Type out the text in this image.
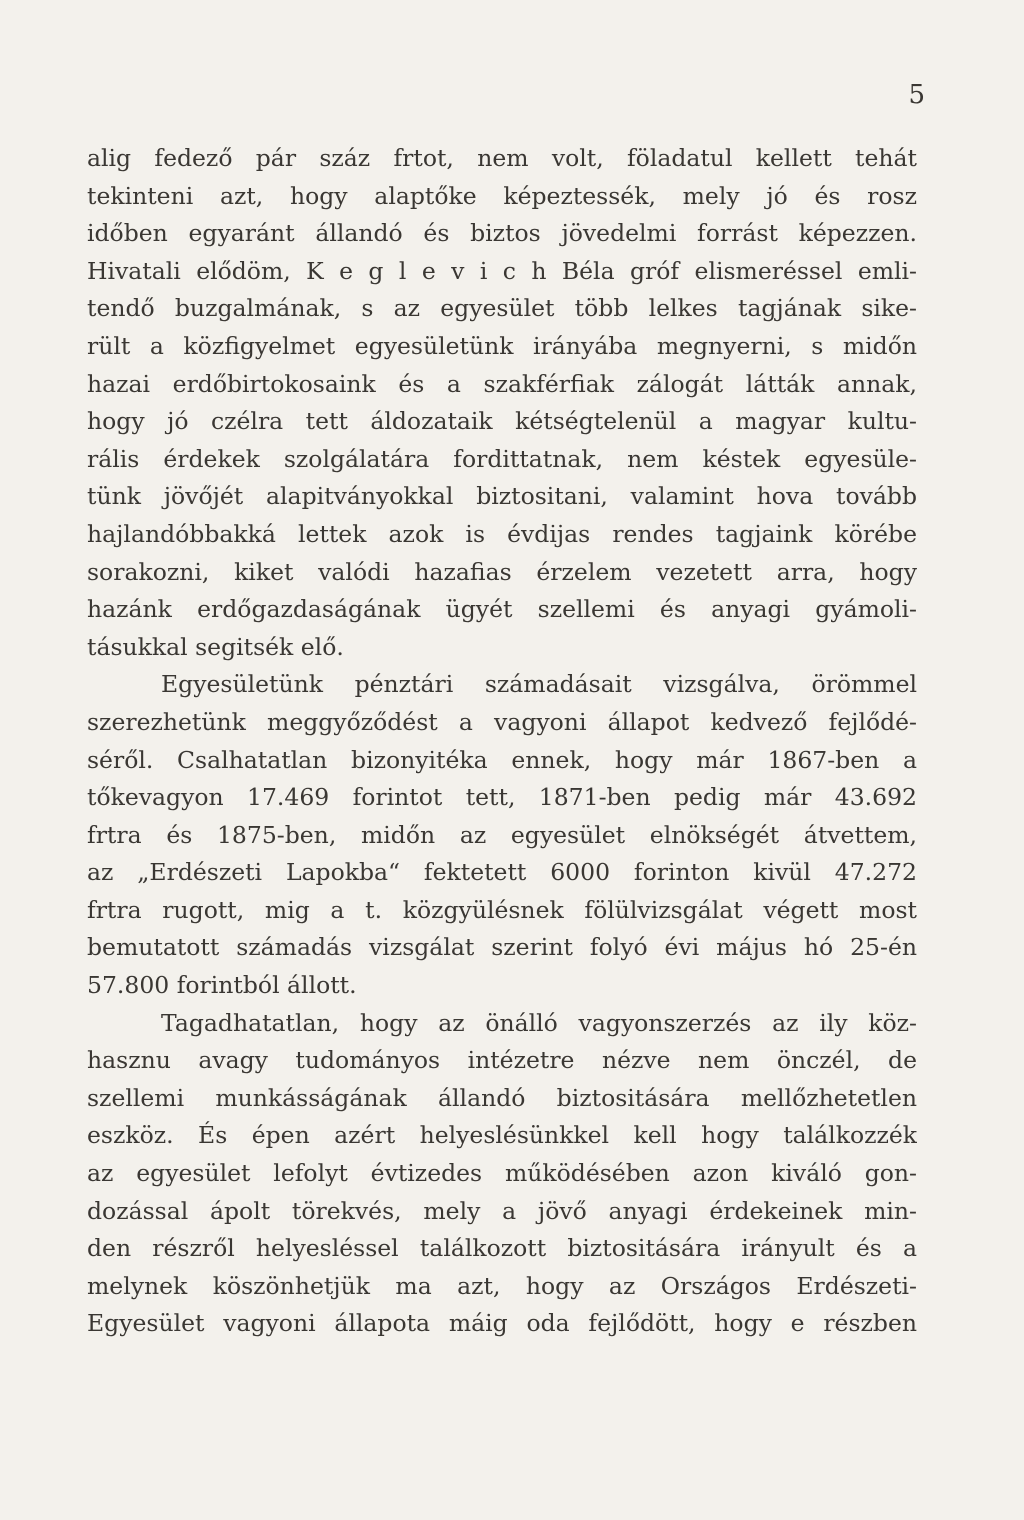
5
alig fedező pár száz frtot, nem volt, föladatul kellett tehát
tekinteni azt, hogy alaptőke képeztessék, mely jó és rosz
időben egyaránt állandó és biztos jövedelmi forrást képezzen.
Hivatali elődöm, K e g l e v i c h Béla gróf elismeréssel emli-
tendő buzgalmának, s az egyesület több lelkes tagjának sike-
rült a közfigyelmet egyesületünk irányába megnyerni, s midőn
hazai erdőbirtokosaink és a szakférfiak zálogát látták annak,
hogy jó czélra tett áldozataik kétségtelenül a magyar kultu-
rális érdekek szolgálatára fordittatnak, nem késtek egyesüle-
tünk jövőjét alapitványokkal biztositani, valamint hova tovább
hajlandóbbakká lettek azok is évdijas rendes tagjaink körébe
sorakozni, kiket valódi hazafias érzelem vezetett arra, hogy
hazánk erdőgazdaságának ügyét szellemi és anyagi gyámoli-
tásukkal segitsék elő.
Egyesületünk pénztári számadásait vizsgálva, örömmel
szerezhetünk meggyőződést a vagyoni állapot kedvező fejlődé-
séről. Csalhatatlan bizonyitéka ennek, hogy már 1867-ben a
tőkevagyon 17.469 forintot tett, 1871-ben pedig már 43.692
frtra és 1875-ben, midőn az egyesület elnökségét átvettem,
az „Erdészeti Lapokba“ fektetett 6000 forinton kivül 47.272
frtra rugott, mig a t. közgyülésnek fölülvizsgálat végett most
bemutatott számadás vizsgálat szerint folyó évi május hó 25-én
57.800 forintból állott.
Tagadhatatlan, hogy az önálló vagyonszerzés az ily köz-
hasznu avagy tudományos intézetre nézve nem önczél, de
szellemi munkásságának állandó biztositására mellőzhetetlen
eszköz. És épen azért helyeslésünkkel kell hogy találkozzék
az egyesület lefolyt évtizedes működésében azon kiváló gon-
dozással ápolt törekvés, mely a jövő anyagi érdekeinek min-
den részről helyesléssel találkozott biztositására irányult és a
melynek köszönhetjük ma azt, hogy az Országos Erdészeti-
Egyesület vagyoni állapota máig oda fejlődött, hogy e részben
